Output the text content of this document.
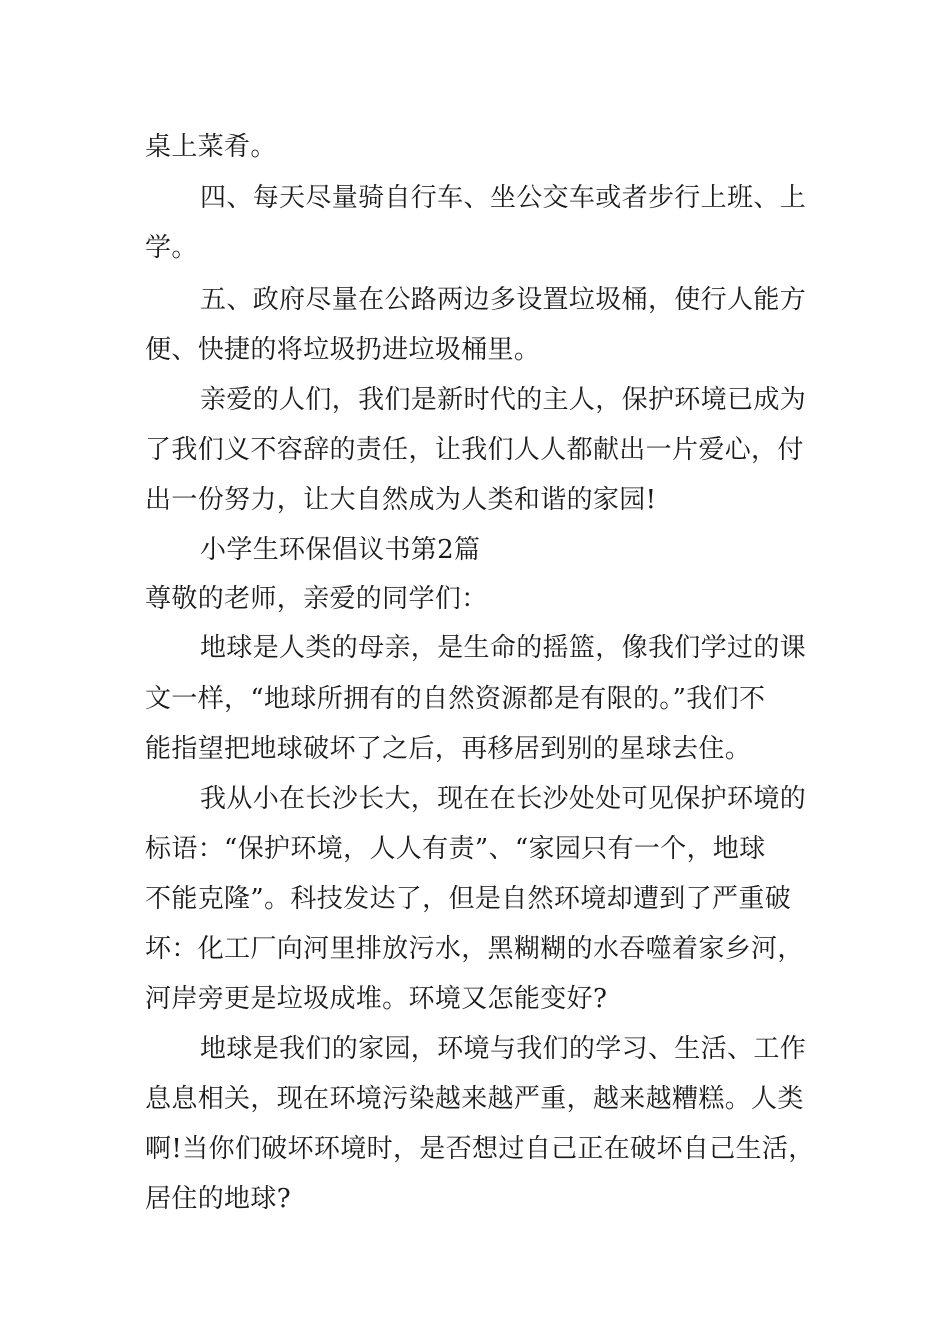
桌上菜肴。
四、每天尽量骑自行车、坐公交车或者步行上班、上
学。
五、政府尽量在公路两边多设置垃圾桶，使行人能方
便、快捷的将垃圾扔进垃圾桶里。
亲爱的人们，我们是新时代的主人，保护环境已成为
了我们义不容辞的责任，让我们人人都献出一片爱心，付
出一份努力，让大自然成为人类和谐的家园!
小学生环保倡议书第2篇
尊敬的老师，亲爱的同学们：
地球是人类的母亲，是生命的摇篮，像我们学过的课
文一样，“地球所拥有的自然资源都是有限的。”我们不
能指望把地球破坏了之后，再移居到别的星球去住。
我从小在长沙长大，现在在长沙处处可见保护环境的
标语：“保护环境，人人有责”、“家园只有一个，地球
不能克隆”。科技发达了，但是自然环境却遭到了严重破
坏：化工厂向河里排放污水，黑糊糊的水吞噬着家乡河，
河岸旁更是垃圾成堆。环境又怎能变好?
地球是我们的家园，环境与我们的学习、生活、工作
息息相关，现在环境污染越来越严重，越来越糟糕。人类
啊!当你们破坏环境时，是否想过自己正在破坏自己生活，
居住的地球?
